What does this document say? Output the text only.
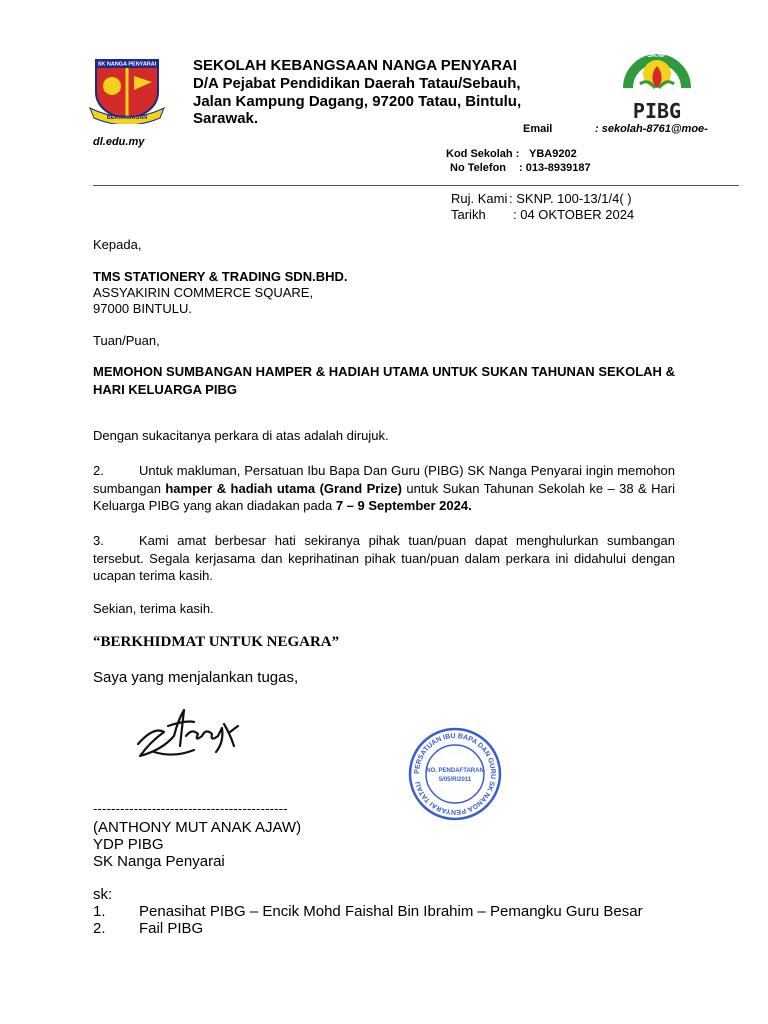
SK NANGA PENYARAI
BERWAWASAN
SEKOLAH KEBANGSAAN NANGA PENYARAI
D/A Pejabat Pendidikan Daerah Tatau/Sebauh,
Jalan Kampung Dagang, 97200 Tatau, Bintulu,
Sarawak.
Email	: sekolah-8761@moe-
dl.edu.my
Kod Sekolah : YBA9202
No Telefon : 013-8939187
SKNP
PIBG
Ruj. Kami : SKNP. 100-13/1/4( )
Tarikh : 04 OKTOBER 2024
Kepada,
TMS STATIONERY & TRADING SDN.BHD.
ASSYAKIRIN COMMERCE SQUARE,
97000 BINTULU.
Tuan/Puan,
MEMOHON SUMBANGAN HAMPER & HADIAH UTAMA UNTUK SUKAN TAHUNAN SEKOLAH & HARI KELUARGA PIBG
Dengan sukacitanya perkara di atas adalah dirujuk.
2.	Untuk makluman, Persatuan Ibu Bapa Dan Guru (PIBG) SK Nanga Penyarai ingin memohon sumbangan hamper & hadiah utama (Grand Prize) untuk Sukan Tahunan Sekolah ke – 38 & Hari Keluarga PIBG yang akan diadakan pada 7 – 9 September 2024.
3.	Kami amat berbesar hati sekiranya pihak tuan/puan dapat menghulurkan sumbangan tersebut. Segala kerjasama dan keprihatinan pihak tuan/puan dalam perkara ini didahului dengan ucapan terima kasih.
Sekian, terima kasih.
“BERKHIDMAT UNTUK NEGARA”
Saya yang menjalankan tugas,
PERSATUAN IBU BAPA DAN GURU SK NANGA PENYARAI TATAU
NO. PENDAFTARAN
5/05/R/2011
-------------------------------------------
(ANTHONY MUT ANAK AJAW)
YDP PIBG
SK Nanga Penyarai
sk:
1. Penasihat PIBG – Encik Mohd Faishal Bin Ibrahim – Pemangku Guru Besar
2. Fail PIBG
